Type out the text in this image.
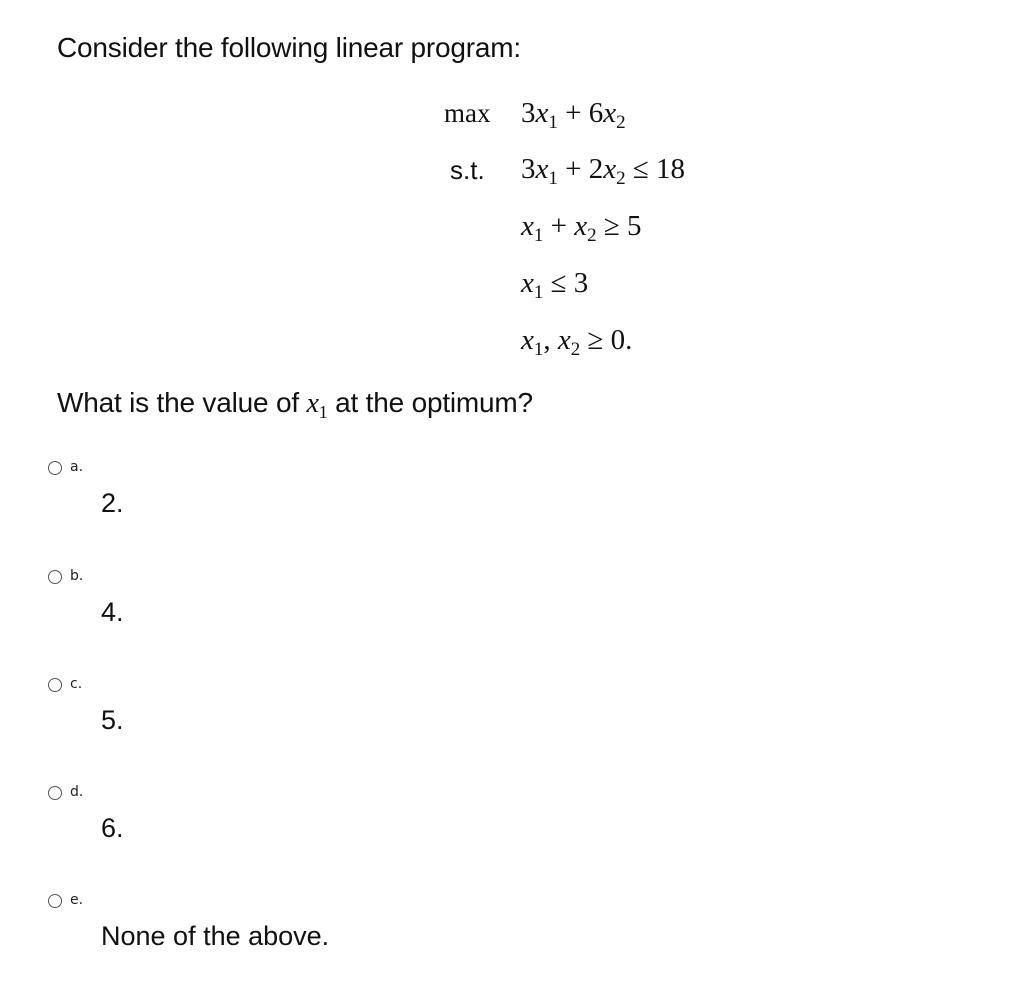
Consider the following linear program:
max
s.t.
$3x_1 + 6x_2$
$3x_1 + 2x_2 \le 18$
$x_1 + x_2 \ge 5$
$x_1 \le 3$
$x_1$, $x_2 \ge 0$.
What is the value of $x_1$ at the optimum?
a.
2.
b.
4.
c.
5.
d.
6.
e.
None of the above.
